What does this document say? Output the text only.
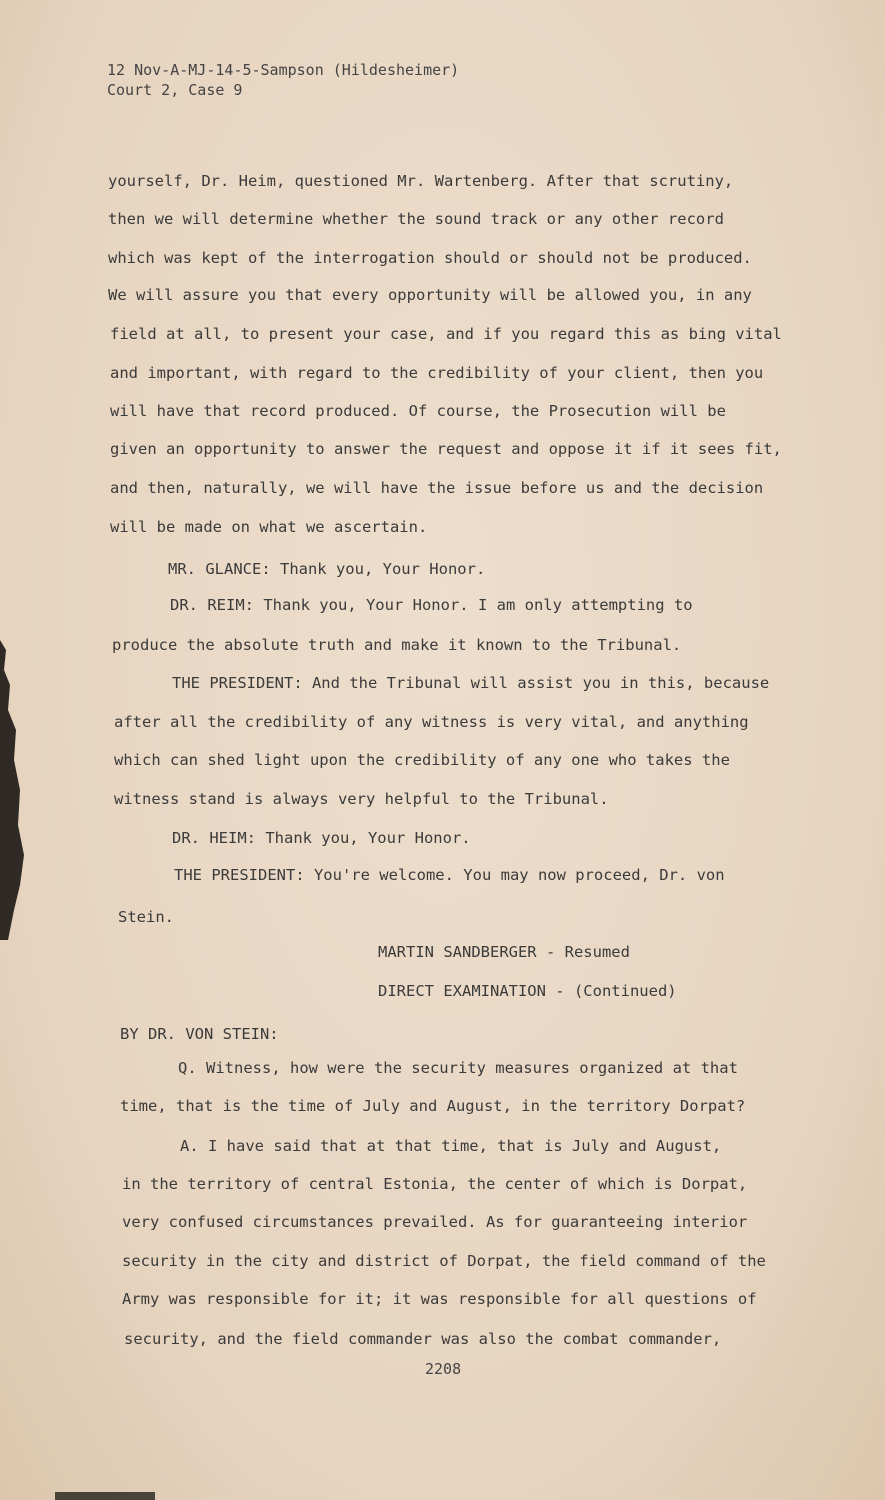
12 Nov-A-MJ-14-5-Sampson (Hildesheimer)
Court 2, Case 9
yourself, Dr. Heim, questioned Mr. Wartenberg. After that scrutiny,
then we will determine whether the sound track or any other record
which was kept of the interrogation should or should not be produced.
We will assure you that every opportunity will be allowed you, in any
field at all, to present your case, and if you regard this as bing vital
and important, with regard to the credibility of your client, then you
will have that record produced. Of course, the Prosecution will be
given an opportunity to answer the request and oppose it if it sees fit,
and then, naturally, we will have the issue before us and the decision
will be made on what we ascertain.
MR. GLANCE: Thank you, Your Honor.
DR. REIM: Thank you, Your Honor. I am only attempting to
produce the absolute truth and make it known to the Tribunal.
THE PRESIDENT: And the Tribunal will assist you in this, because
after all the credibility of any witness is very vital, and anything
which can shed light upon the credibility of any one who takes the
witness stand is always very helpful to the Tribunal.
DR. HEIM: Thank you, Your Honor.
THE PRESIDENT: You're welcome. You may now proceed, Dr. von
Stein.
MARTIN SANDBERGER - Resumed
DIRECT EXAMINATION - (Continued)
BY DR. VON STEIN:
Q. Witness, how were the security measures organized at that
time, that is the time of July and August, in the territory Dorpat?
A. I have said that at that time, that is July and August,
in the territory of central Estonia, the center of which is Dorpat,
very confused circumstances prevailed. As for guaranteeing interior
security in the city and district of Dorpat, the field command of the
Army was responsible for it; it was responsible for all questions of
security, and the field commander was also the combat commander,
2208
